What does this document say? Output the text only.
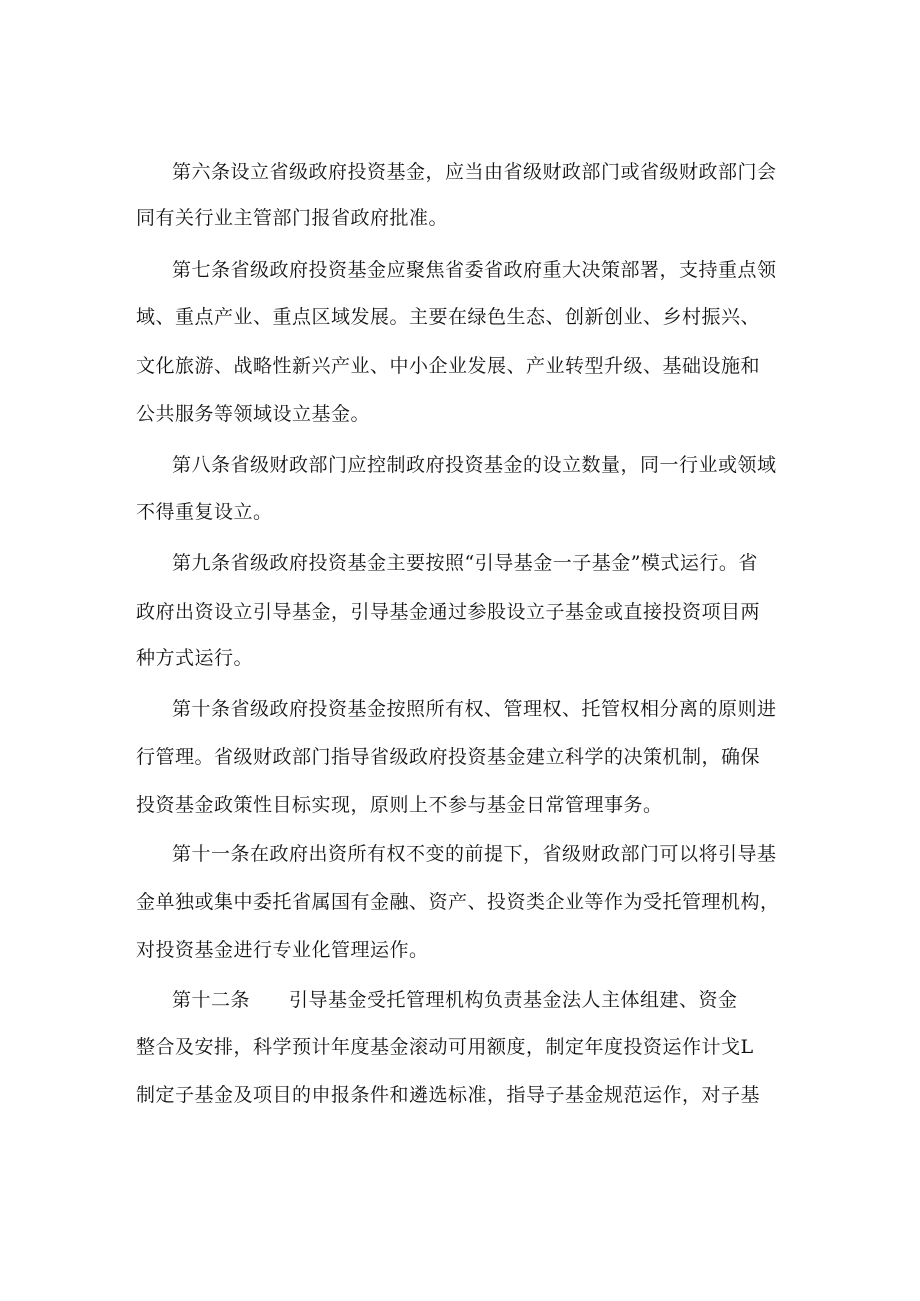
第六条设立省级政府投资基金，应当由省级财政部门或省级财政部门会
同有关行业主管部门报省政府批准。
第七条省级政府投资基金应聚焦省委省政府重大决策部署，支持重点领
域、重点产业、重点区域发展。主要在绿色生态、创新创业、乡村振兴、
文化旅游、战略性新兴产业、中小企业发展、产业转型升级、基础设施和
公共服务等领域设立基金。
第八条省级财政部门应控制政府投资基金的设立数量，同一行业或领域
不得重复设立。
第九条省级政府投资基金主要按照“引导基金一子基金”模式运行。省
政府出资设立引导基金，引导基金通过参股设立子基金或直接投资项目两
种方式运行。
第十条省级政府投资基金按照所有权、管理权、托管权相分离的原则进
行管理。省级财政部门指导省级政府投资基金建立科学的决策机制，确保
投资基金政策性目标实现，原则上不参与基金日常管理事务。
第十一条在政府出资所有权不变的前提下，省级财政部门可以将引导基
金单独或集中委托省属国有金融、资产、投资类企业等作为受托管理机构，
对投资基金进行专业化管理运作。
第十二条　　引导基金受托管理机构负责基金法人主体组建、资金
整合及安排，科学预计年度基金滚动可用额度，制定年度投资运作计戈L
制定子基金及项目的申报条件和遴选标准，指导子基金规范运作，对子基
